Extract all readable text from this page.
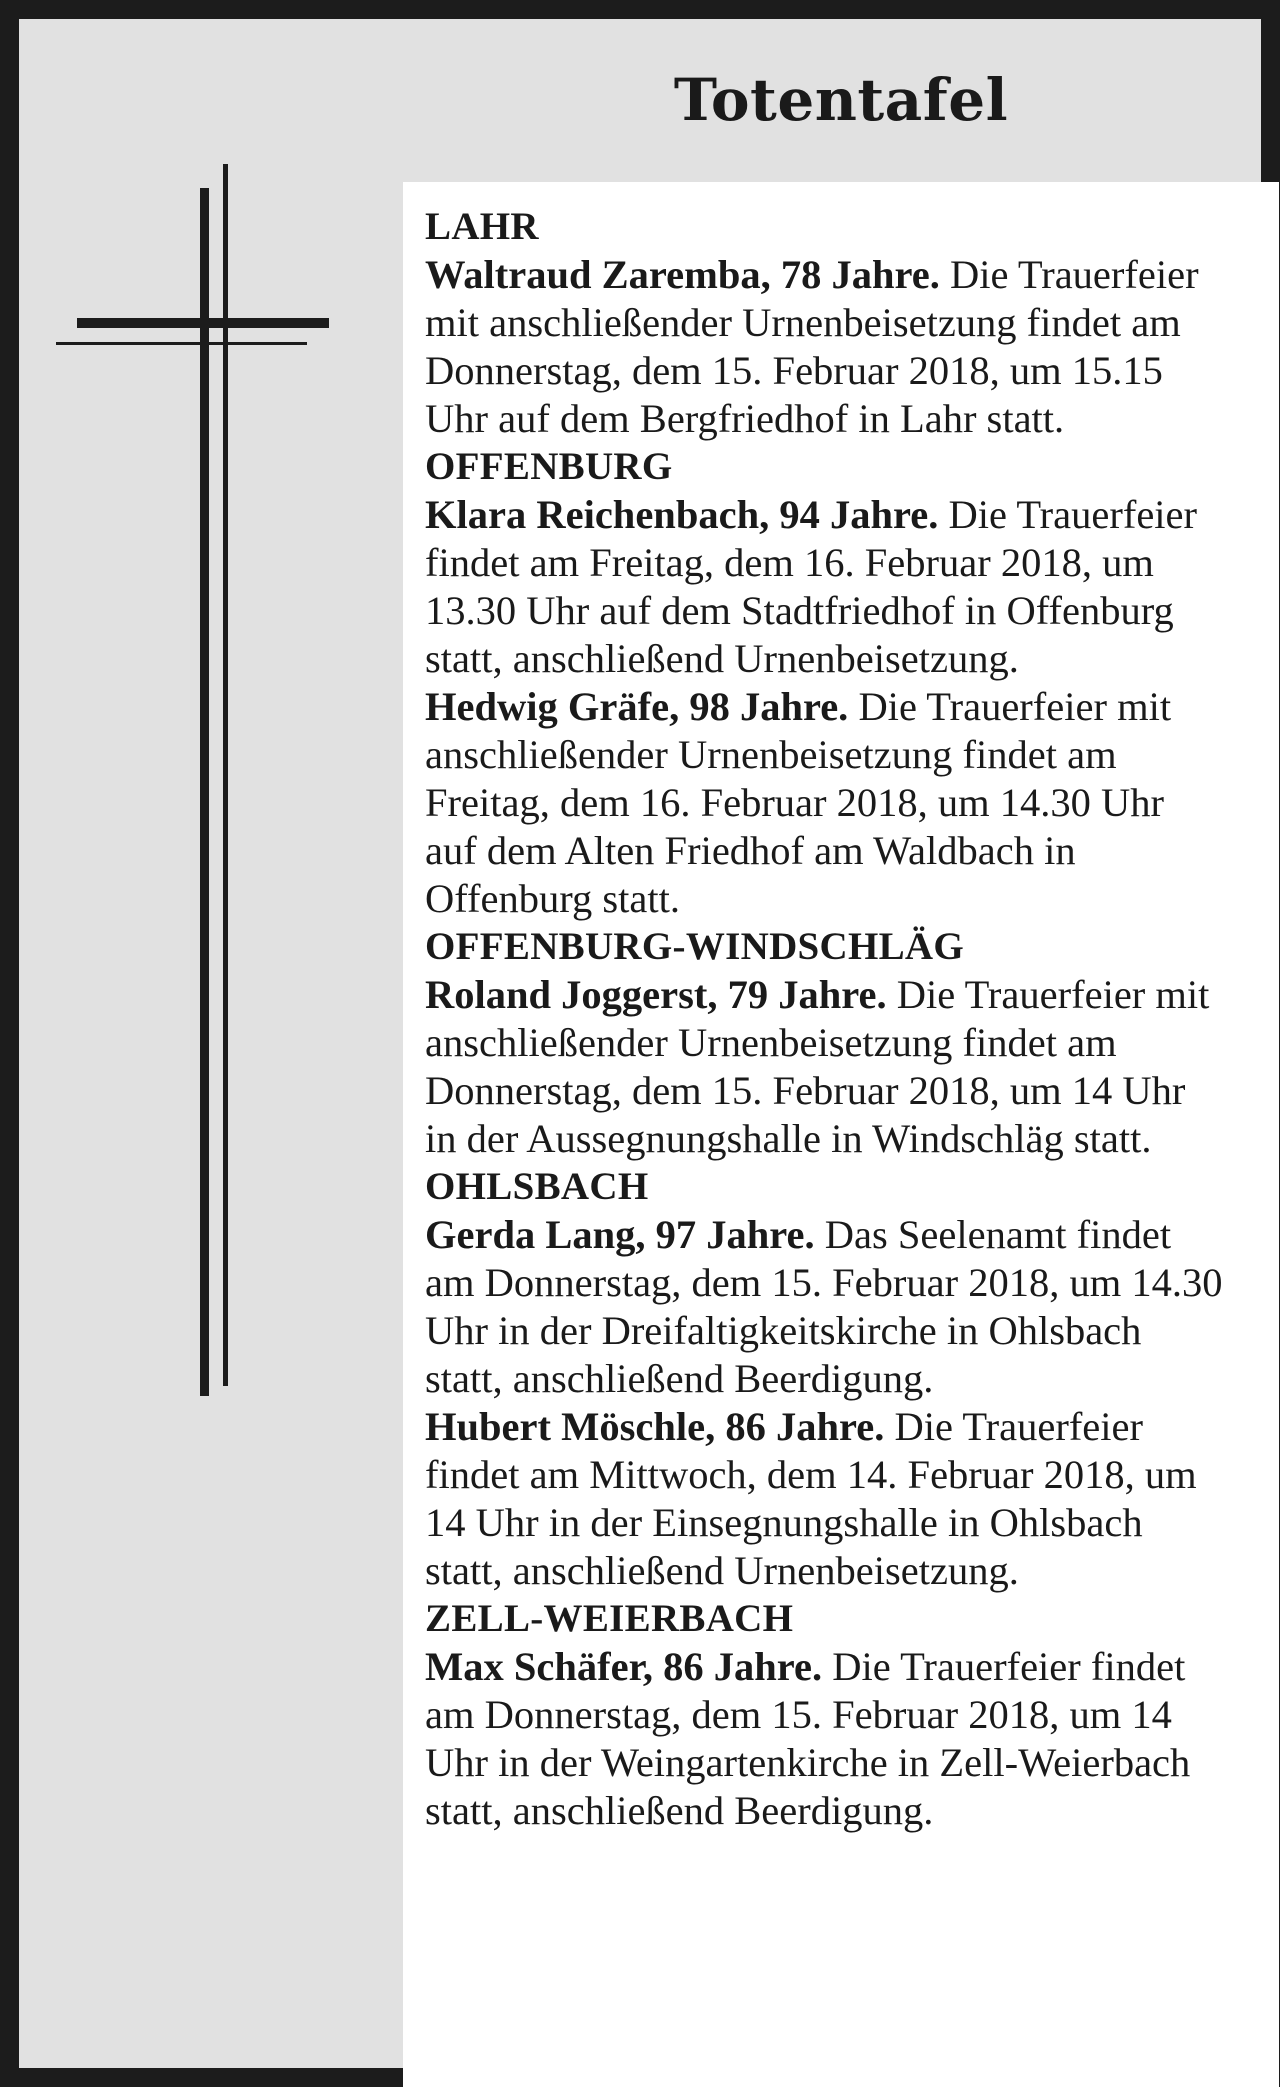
Totentafel
LAHR

Waltraud Zaremba, 78 Jahre. Die Trauerfeier mit anschließender Urnenbeisetzung findet am Donnerstag, dem 15. Februar 2018, um 15.15 Uhr auf dem Bergfriedhof in Lahr statt.

OFFENBURG

Klara Reichenbach, 94 Jahre. Die Trauerfeier findet am Freitag, dem 16. Februar 2018, um 13.30 Uhr auf dem Stadtfriedhof in Offenburg statt, anschließend Urnenbeisetzung.

Hedwig Gräfe, 98 Jahre. Die Trauerfeier mit anschließender Urnenbeisetzung findet am Freitag, dem 16. Februar 2018, um 14.30 Uhr auf dem Alten Friedhof am Waldbach in Offenburg statt.

OFFENBURG-WINDSCHLÄG

Roland Joggerst, 79 Jahre. Die Trauerfeier mit anschließender Urnenbeisetzung findet am Donnerstag, dem 15. Februar 2018, um 14 Uhr in der Aussegnungshalle in Windschläg statt.

OHLSBACH

Gerda Lang, 97 Jahre. Das Seelenamt findet am Donnerstag, dem 15. Februar 2018, um 14.30 Uhr in der Dreifaltigkeitskirche in Ohlsbach statt, anschließend Beerdigung.

Hubert Möschle, 86 Jahre. Die Trauerfeier findet am Mittwoch, dem 14. Februar 2018, um 14 Uhr in der Einsegnungshalle in Ohlsbach statt, anschließend Urnenbeisetzung.

ZELL-WEIERBACH

Max Schäfer, 86 Jahre. Die Trauerfeier findet am Donnerstag, dem 15. Februar 2018, um 14 Uhr in der Weingartenkirche in Zell-Weierbach statt, anschließend Beerdigung.
